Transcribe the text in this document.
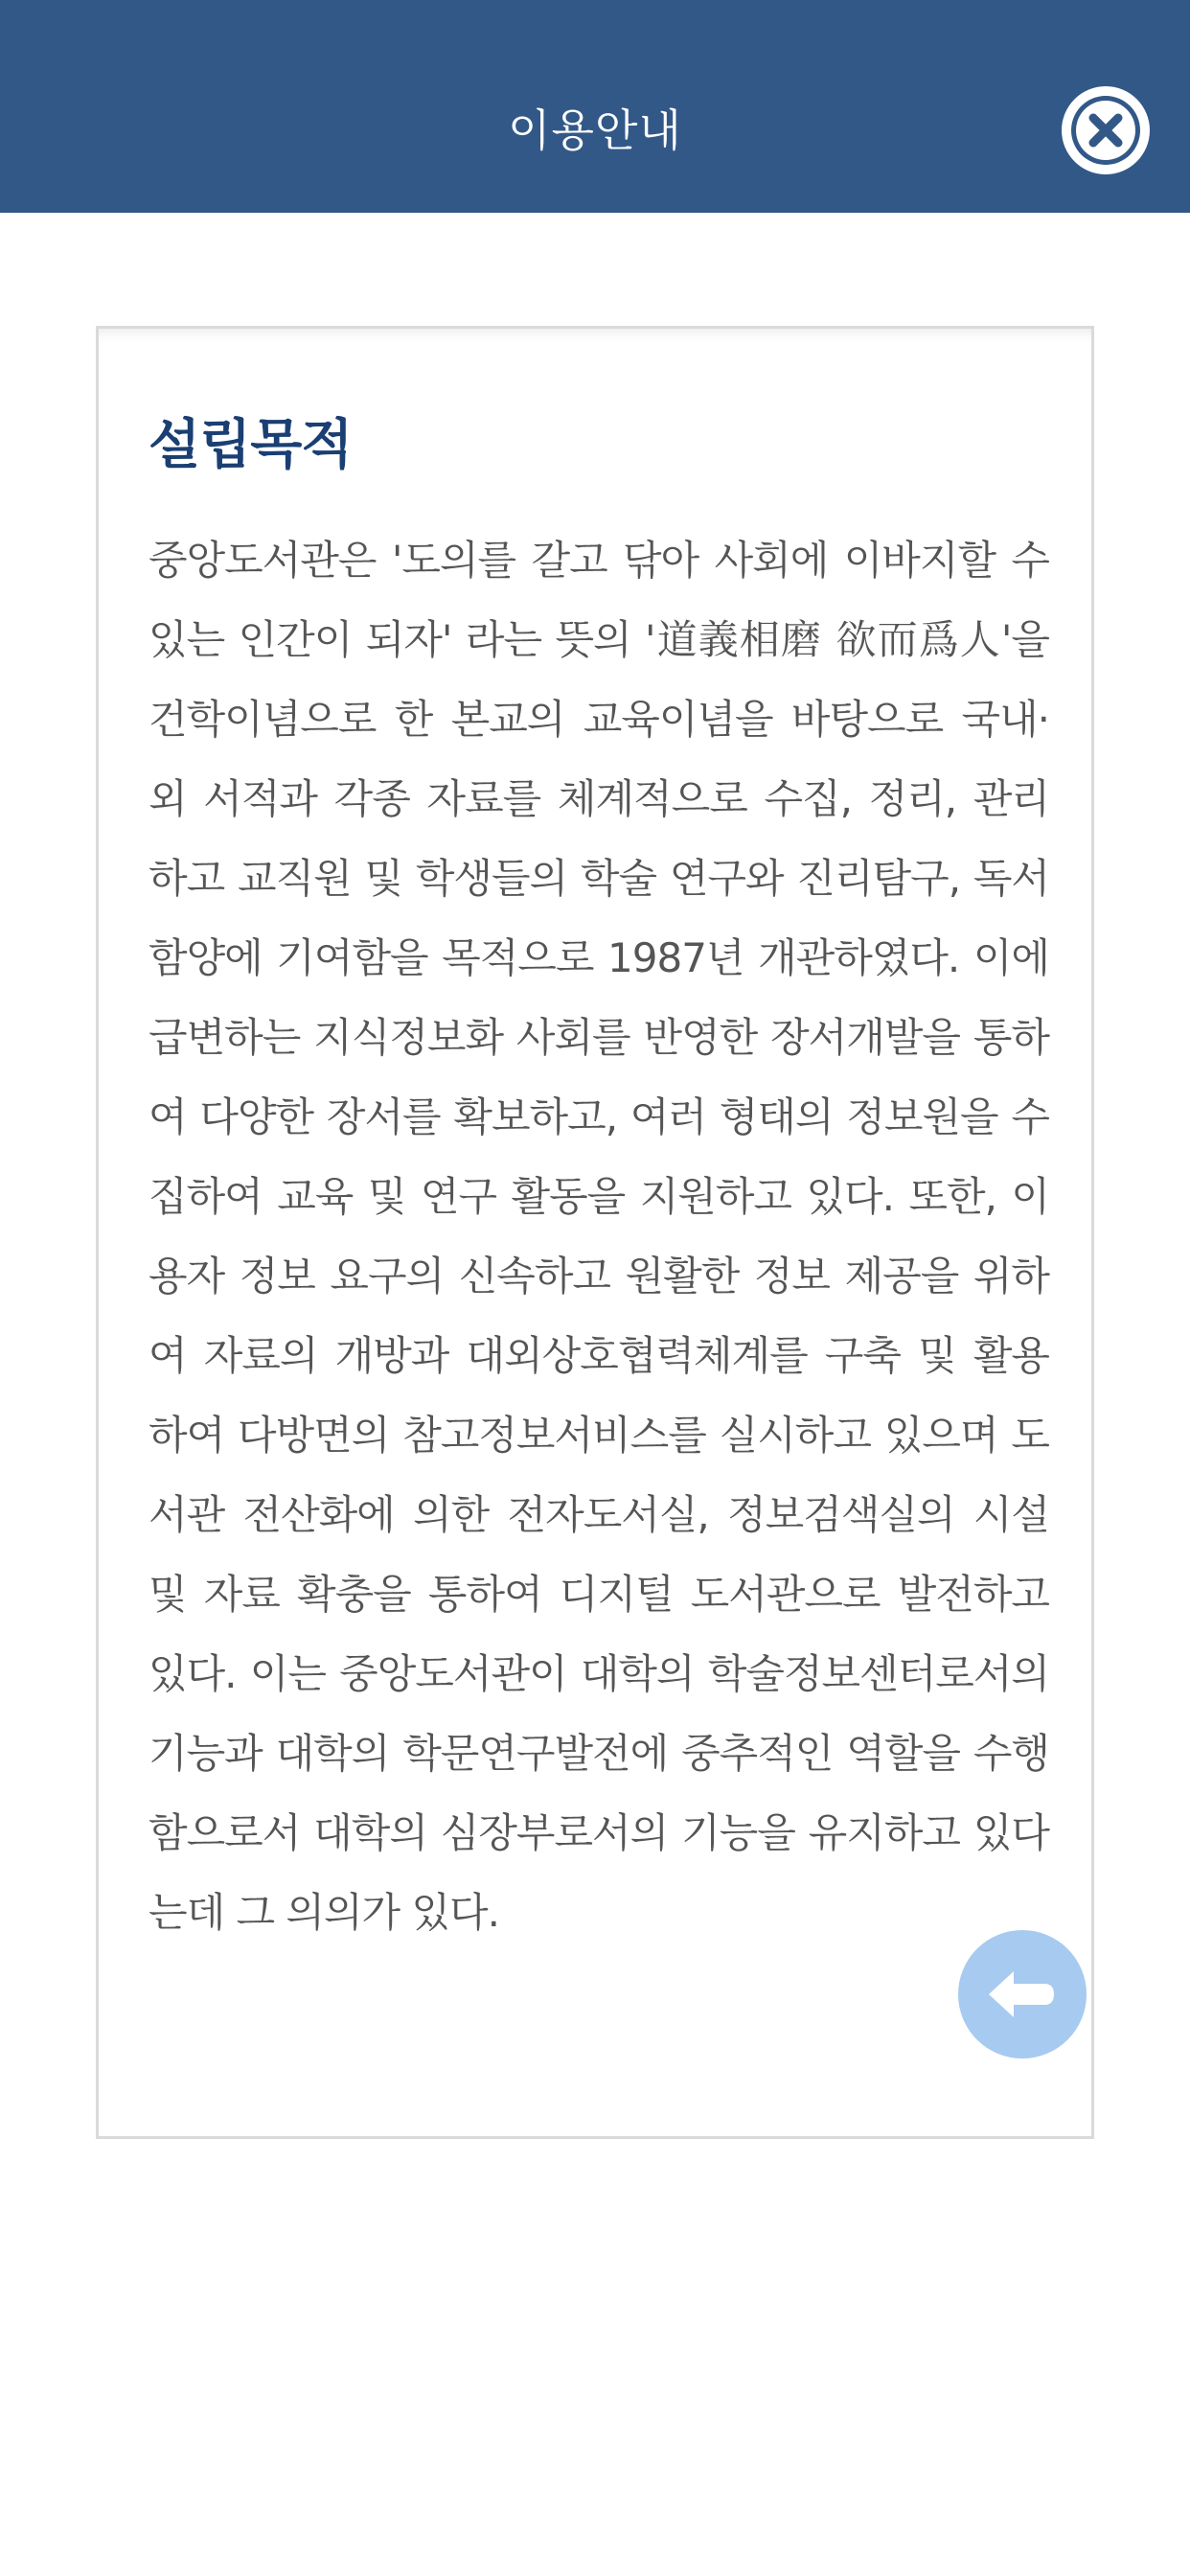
이용안내
설립목적

중앙도서관은 '도의를 갈고 닦아 사회에 이바지할 수 있는 인간이 되자' 라는 뜻의 '道義相磨 欲而爲人'을 건학이념으로 한 본교의 교육이념을 바탕으로 국내·외 서적과 각종 자료를 체계적으로 수집, 정리, 관리하고 교직원 및 학생들의 학술 연구와 진리탐구, 독서 함양에 기여함을 목적으로 1987년 개관하였다. 이에 급변하는 지식정보화 사회를 반영한 장서개발을 통하여 다양한 장서를 확보하고, 여러 형태의 정보원을 수집하여 교육 및 연구 활동을 지원하고 있다. 또한, 이용자 정보 요구의 신속하고 원활한 정보 제공을 위하여 자료의 개방과 대외상호협력체계를 구축 및 활용하여 다방면의 참고정보서비스를 실시하고 있으며 도서관 전산화에 의한 전자도서실, 정보검색실의 시설 및 자료 확충을 통하여 디지털 도서관으로 발전하고 있다. 이는 중앙도서관이 대학의 학술정보센터로서의 기능과 대학의 학문연구발전에 중추적인 역할을 수행함으로서 대학의 심장부로서의 기능을 유지하고 있다는데 그 의의가 있다.
